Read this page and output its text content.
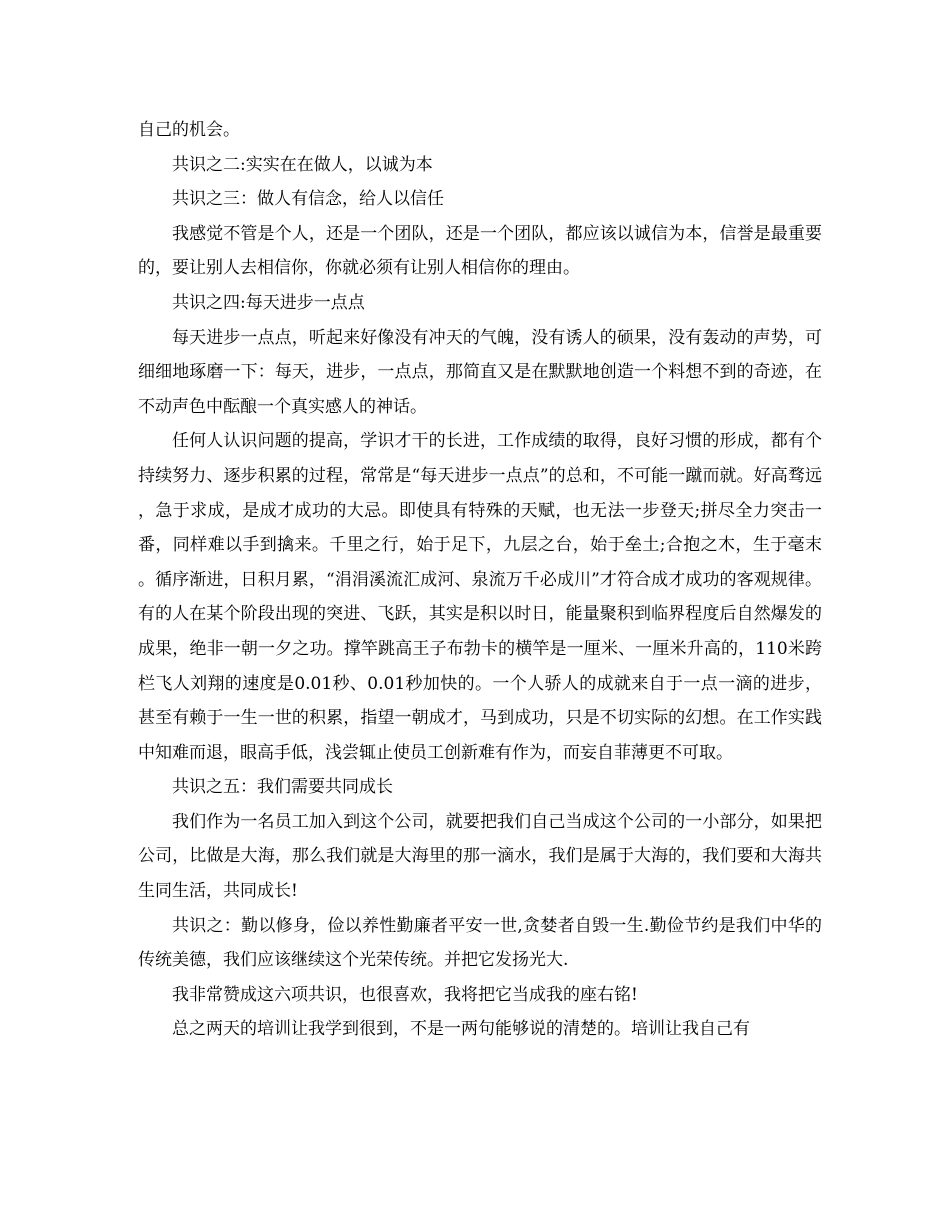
自己的机会。

共识之二:实实在在做人，以诚为本

共识之三：做人有信念，给人以信任

我感觉不管是个人，还是一个团队，还是一个团队，都应该以诚信为本，信誉是最重要的，要让别人去相信你，你就必须有让别人相信你的理由。

共识之四:每天进步一点点

每天进步一点点，听起来好像没有冲天的气魄，没有诱人的硕果，没有轰动的声势，可细细地琢磨一下：每天，进步，一点点，那简直又是在默默地创造一个料想不到的奇迹，在不动声色中酝酿一个真实感人的神话。

任何人认识问题的提高，学识才干的长进，工作成绩的取得，良好习惯的形成，都有个持续努力、逐步积累的过程，常常是“每天进步一点点”的总和，不可能一蹴而就。好高骛远，急于求成，是成才成功的大忌。即使具有特殊的天赋，也无法一步登天;拼尽全力突击一番，同样难以手到擒来。千里之行，始于足下，九层之台，始于垒土;合抱之木，生于毫末。循序渐进，日积月累，“涓涓溪流汇成河、泉流万千必成川”才符合成才成功的客观规律。有的人在某个阶段出现的突进、飞跃，其实是积以时日，能量聚积到临界程度后自然爆发的成果，绝非一朝一夕之功。撑竿跳高王子布勃卡的横竿是一厘米、一厘米升高的，110米跨栏飞人刘翔的速度是0.01秒、0.01秒加快的。一个人骄人的成就来自于一点一滴的进步，甚至有赖于一生一世的积累，指望一朝成才，马到成功，只是不切实际的幻想。在工作实践中知难而退，眼高手低，浅尝辄止使员工创新难有作为，而妄自菲薄更不可取。

共识之五：我们需要共同成长

我们作为一名员工加入到这个公司，就要把我们自己当成这个公司的一小部分，如果把公司，比做是大海，那么我们就是大海里的那一滴水，我们是属于大海的，我们要和大海共生同生活，共同成长!

共识之：勤以修身，俭以养性勤廉者平安一世,贪婪者自毁一生.勤俭节约是我们中华的传统美德，我们应该继续这个光荣传统。并把它发扬光大.

我非常赞成这六项共识，也很喜欢，我将把它当成我的座右铭!

总之两天的培训让我学到很到，不是一两句能够说的清楚的。培训让我自己有
